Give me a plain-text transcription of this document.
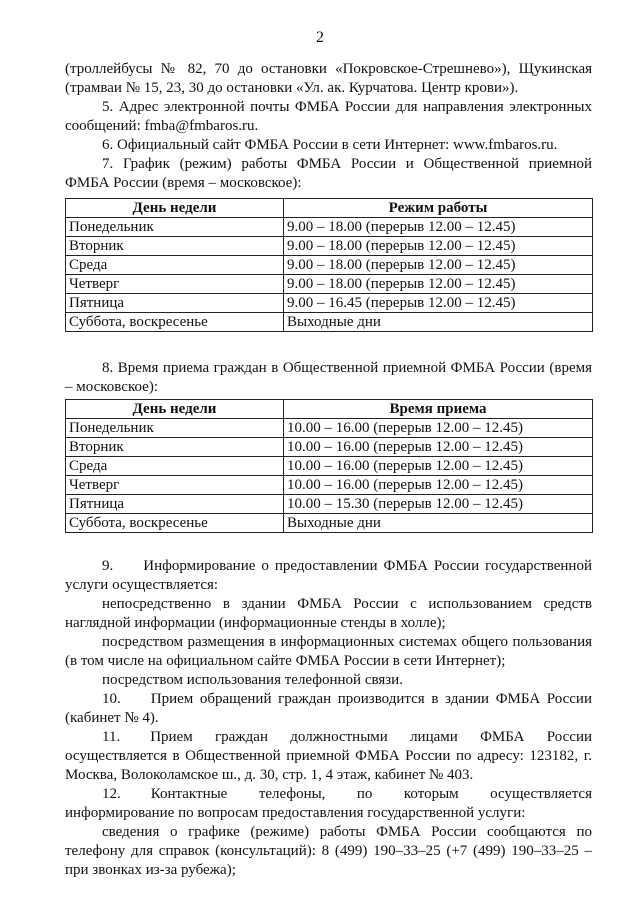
2

(троллейбусы № 82, 70 до остановки «Покровское-Стрешнево»), Щукинская (трамваи № 15, 23, 30 до остановки «Ул. ак. Курчатова. Центр крови»).

5. Адрес электронной почты ФМБА России для направления электронных сообщений: fmba@fmbaros.ru.

6. Официальный сайт ФМБА России в сети Интернет: www.fmbaros.ru.

7. График (режим) работы ФМБА России и Общественной приемной ФМБА России (время – московское):

День недели	Режим работы
Понедельник	9.00 – 18.00 (перерыв 12.00 – 12.45)
Вторник	9.00 – 18.00 (перерыв 12.00 – 12.45)
Среда	9.00 – 18.00 (перерыв 12.00 – 12.45)
Четверг	9.00 – 18.00 (перерыв 12.00 – 12.45)
Пятница	9.00 – 16.45 (перерыв 12.00 – 12.45)
Суббота, воскресенье	Выходные дни

8. Время приема граждан в Общественной приемной ФМБА России (время – московское):

День недели	Время приема
Понедельник	10.00 – 16.00 (перерыв 12.00 – 12.45)
Вторник	10.00 – 16.00 (перерыв 12.00 – 12.45)
Среда	10.00 – 16.00 (перерыв 12.00 – 12.45)
Четверг	10.00 – 16.00 (перерыв 12.00 – 12.45)
Пятница	10.00 – 15.30 (перерыв 12.00 – 12.45)
Суббота, воскресенье	Выходные дни

9. Информирование о предоставлении ФМБА России государственной услуги осуществляется:

непосредственно в здании ФМБА России с использованием средств наглядной информации (информационные стенды в холле);

посредством размещения в информационных системах общего пользования (в том числе на официальном сайте ФМБА России в сети Интернет);

посредством использования телефонной связи.

10. Прием обращений граждан производится в здании ФМБА России (кабинет № 4).

11. Прием граждан должностными лицами ФМБА России осуществляется в Общественной приемной ФМБА России по адресу: 123182, г. Москва, Волоколамское ш., д. 30, стр. 1, 4 этаж, кабинет № 403.

12. Контактные телефоны, по которым осуществляется информирование по вопросам предоставления государственной услуги:

сведения о графике (режиме) работы ФМБА России сообщаются по телефону для справок (консультаций): 8 (499) 190–33–25 (+7 (499) 190–33–25 – при звонках из-за рубежа);
